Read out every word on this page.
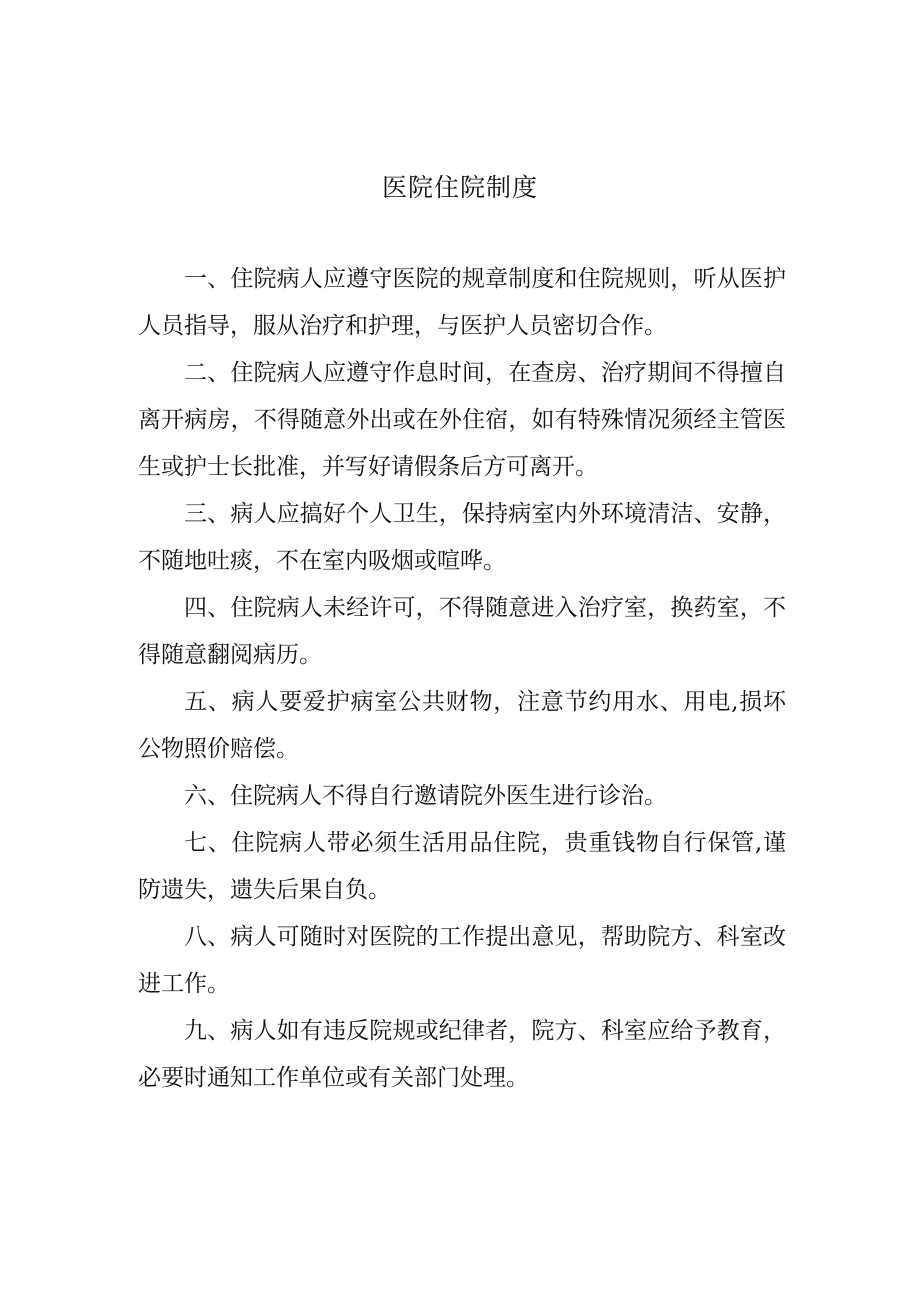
医院住院制度

一、住院病人应遵守医院的规章制度和住院规则，听从医护人员指导，服从治疗和护理，与医护人员密切合作。

二、住院病人应遵守作息时间，在查房、治疗期间不得擅自离开病房，不得随意外出或在外住宿，如有特殊情况须经主管医生或护士长批准，并写好请假条后方可离开。

三、病人应搞好个人卫生，保持病室内外环境清洁、安静，不随地吐痰，不在室内吸烟或喧哗。

四、住院病人未经许可，不得随意进入治疗室，换药室，不得随意翻阅病历。

五、病人要爱护病室公共财物，注意节约用水、用电,损坏公物照价赔偿。

六、住院病人不得自行邀请院外医生进行诊治。

七、住院病人带必须生活用品住院，贵重钱物自行保管,谨防遗失，遗失后果自负。

八、病人可随时对医院的工作提出意见，帮助院方、科室改进工作。

九、病人如有违反院规或纪律者，院方、科室应给予教育，必要时通知工作单位或有关部门处理。
